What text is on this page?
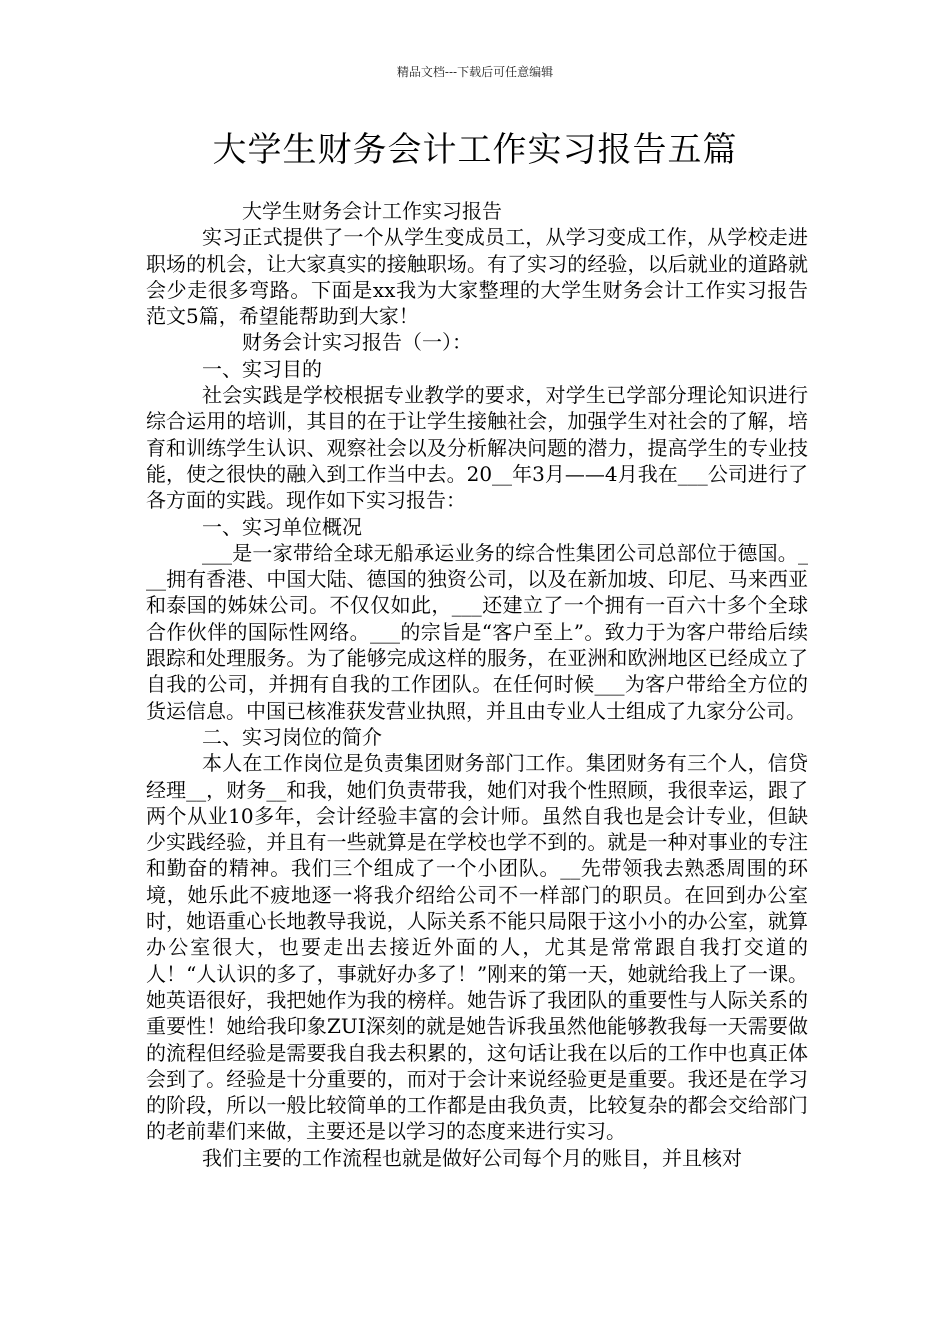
精品文档---下载后可任意编辑
大学生财务会计工作实习报告五篇

大学生财务会计工作实习报告

实习正式提供了一个从学生变成员工，从学习变成工作，从学校走进职场的机会，让大家真实的接触职场。有了实习的经验，以后就业的道路就会少走很多弯路。下面是xx我为大家整理的大学生财务会计工作实习报告范文5篇，希望能帮助到大家！

财务会计实习报告（一）：

一、实习目的

社会实践是学校根据专业教学的要求，对学生已学部分理论知识进行综合运用的培训，其目的在于让学生接触社会，加强学生对社会的了解，培育和训练学生认识、观察社会以及分析解决问题的潜力，提高学生的专业技能，使之很快的融入到工作当中去。20__年3月——4月我在___公司进行了各方面的实践。现作如下实习报告：

一、实习单位概况

___是一家带给全球无船承运业务的综合性集团公司总部位于德国。___拥有香港、中国大陆、德国的独资公司，以及在新加坡、印尼、马来西亚和泰国的姊妹公司。不仅仅如此，___还建立了一个拥有一百六十多个全球合作伙伴的国际性网络。___的宗旨是“客户至上”。致力于为客户带给后续跟踪和处理服务。为了能够完成这样的服务，在亚洲和欧洲地区已经成立了自我的公司，并拥有自我的工作团队。在任何时候___为客户带给全方位的货运信息。中国已核准获发营业执照，并且由专业人士组成了九家分公司。

二、实习岗位的简介

本人在工作岗位是负责集团财务部门工作。集团财务有三个人，信贷经理__，财务__和我，她们负责带我，她们对我个性照顾，我很幸运，跟了两个从业10多年，会计经验丰富的会计师。虽然自我也是会计专业，但缺少实践经验，并且有一些就算是在学校也学不到的。就是一种对事业的专注和勤奋的精神。我们三个组成了一个小团队。__先带领我去熟悉周围的环境，她乐此不疲地逐一将我介绍给公司不一样部门的职员。在回到办公室时，她语重心长地教导我说，人际关系不能只局限于这小小的办公室，就算办公室很大，也要走出去接近外面的人，尤其是常常跟自我打交道的人！“人认识的多了，事就好办多了！”刚来的第一天，她就给我上了一课。她英语很好，我把她作为我的榜样。她告诉了我团队的重要性与人际关系的重要性！她给我印象ZUI深刻的就是她告诉我虽然他能够教我每一天需要做的流程但经验是需要我自我去积累的，这句话让我在以后的工作中也真正体会到了。经验是十分重要的，而对于会计来说经验更是重要。我还是在学习的阶段，所以一般比较简单的工作都是由我负责，比较复杂的都会交给部门的老前辈们来做，主要还是以学习的态度来进行实习。

我们主要的工作流程也就是做好公司每个月的账目，并且核对
